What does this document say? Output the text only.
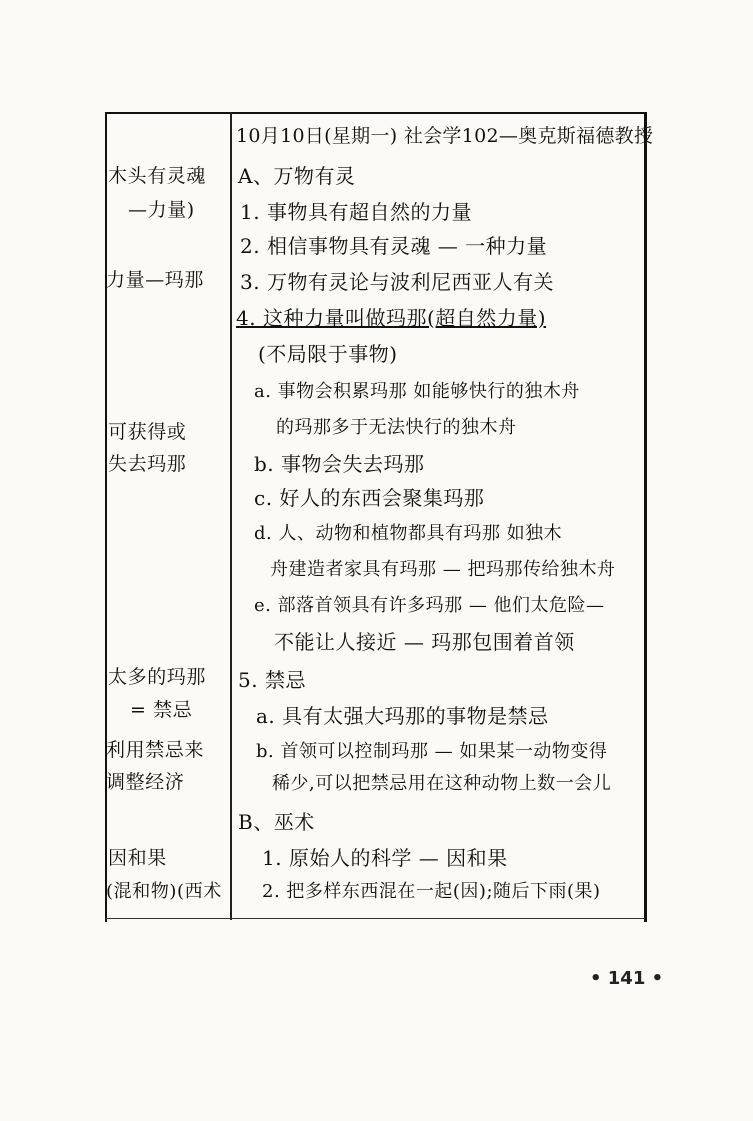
10月10日(星期一) 社会学102—奥克斯福德教授
木头有灵魂
—力量)
力量—玛那
可获得或
失去玛那
太多的玛那
= 禁忌
利用禁忌来
调整经济
因和果
(混和物)(西术
A、万物有灵
1. 事物具有超自然的力量
2. 相信事物具有灵魂 — 一种力量
3. 万物有灵论与波利尼西亚人有关
4. 这种力量叫做玛那(超自然力量)
(不局限于事物)
a. 事物会积累玛那 如能够快行的独木舟
的玛那多于无法快行的独木舟
b. 事物会失去玛那
c. 好人的东西会聚集玛那
d. 人、动物和植物都具有玛那 如独木
舟建造者家具有玛那 — 把玛那传给独木舟
e. 部落首领具有许多玛那 — 他们太危险—
不能让人接近 — 玛那包围着首领
5. 禁忌
a. 具有太强大玛那的事物是禁忌
b. 首领可以控制玛那 — 如果某一动物变得
稀少,可以把禁忌用在这种动物上数一会儿
B、巫术
1. 原始人的科学 — 因和果
2. 把多样东西混在一起(因);随后下雨(果)
• 141 •
